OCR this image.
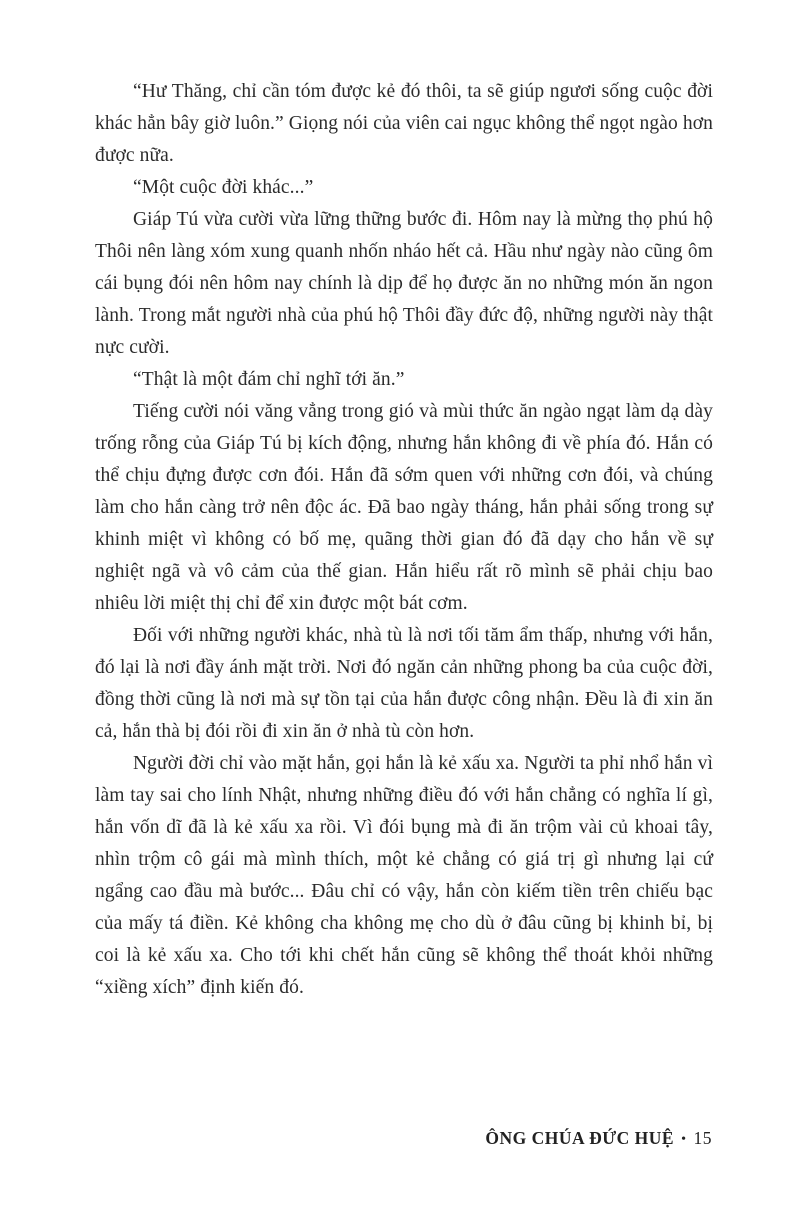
“Hư Thăng, chỉ cần tóm được kẻ đó thôi, ta sẽ giúp ngươi sống cuộc đời khác hẳn bây giờ luôn.” Giọng nói của viên cai ngục không thể ngọt ngào hơn được nữa.

“Một cuộc đời khác...”

Giáp Tú vừa cười vừa lững thững bước đi. Hôm nay là mừng thọ phú hộ Thôi nên làng xóm xung quanh nhốn nháo hết cả. Hầu như ngày nào cũng ôm cái bụng đói nên hôm nay chính là dịp để họ được ăn no những món ăn ngon lành. Trong mắt người nhà của phú hộ Thôi đầy đức độ, những người này thật nực cười.

“Thật là một đám chỉ nghĩ tới ăn.”

Tiếng cười nói văng vẳng trong gió và mùi thức ăn ngào ngạt làm dạ dày trống rỗng của Giáp Tú bị kích động, nhưng hắn không đi về phía đó. Hắn có thể chịu đựng được cơn đói. Hắn đã sớm quen với những cơn đói, và chúng làm cho hắn càng trở nên độc ác. Đã bao ngày tháng, hắn phải sống trong sự khinh miệt vì không có bố mẹ, quãng thời gian đó đã dạy cho hắn về sự nghiệt ngã và vô cảm của thế gian. Hắn hiểu rất rõ mình sẽ phải chịu bao nhiêu lời miệt thị chỉ để xin được một bát cơm.

Đối với những người khác, nhà tù là nơi tối tăm ẩm thấp, nhưng với hắn, đó lại là nơi đầy ánh mặt trời. Nơi đó ngăn cản những phong ba của cuộc đời, đồng thời cũng là nơi mà sự tồn tại của hắn được công nhận. Đều là đi xin ăn cả, hắn thà bị đói rồi đi xin ăn ở nhà tù còn hơn.

Người đời chỉ vào mặt hắn, gọi hắn là kẻ xấu xa. Người ta phỉ nhổ hắn vì làm tay sai cho lính Nhật, nhưng những điều đó với hắn chẳng có nghĩa lí gì, hắn vốn dĩ đã là kẻ xấu xa rồi. Vì đói bụng mà đi ăn trộm vài củ khoai tây, nhìn trộm cô gái mà mình thích, một kẻ chẳng có giá trị gì nhưng lại cứ ngẩng cao đầu mà bước... Đâu chỉ có vậy, hắn còn kiếm tiền trên chiếu bạc của mấy tá điền. Kẻ không cha không mẹ cho dù ở đâu cũng bị khinh bỉ, bị coi là kẻ xấu xa. Cho tới khi chết hắn cũng sẽ không thể thoát khỏi những “xiềng xích” định kiến đó.

ÔNG CHÚA ĐỨC HUỆ • 15
